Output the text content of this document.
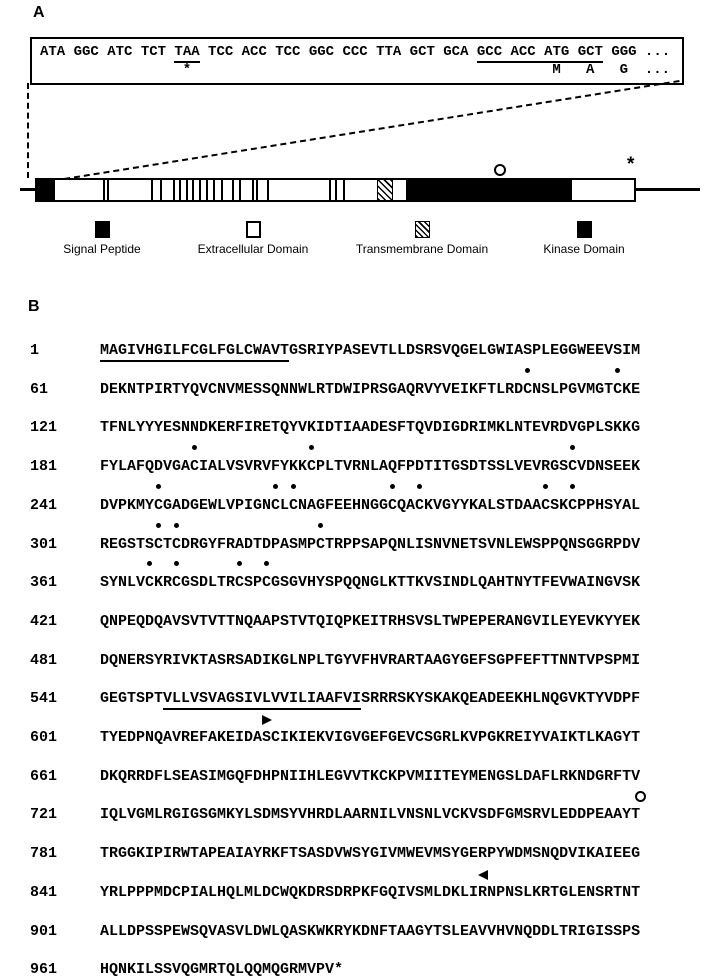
A
ATA GGC ATC TCT TAA TCC ACC TCC GGC CCC TTA GCT GCA GCC ACC ATG GCT GGG ...
*	M A G ...
*
Signal Peptide	Extracellular Domain	Transmembrane Domain	Kinase Domain
B
1	MAGIVHGILFCGLFGLCWAVTGSRIYPASEVTLLDSRSVQGELGWIASPLEGGWEEVSIM
61	DEKNTPIRTYQVCNVMESSQNNWLRTDWIPRSGAQRVYVEIKFTLRDCNSLPGVMGTCKE
121	TFNLYYYESNNDKERFIRETQYVKIDTIAADESFTQVDIGDRIMKLNTEVRDVGPLSKKG
181	FYLAFQDVGACIALVSVRVFYKKCPLTVRNLAQFPDTITGSDTSSLVEVRGSCVDNSEEK
241	DVPKMYCGADGEWLVPIGNCLCNAGFEEHNGGCQACKVGYYKALSTDAACSKCPPHSYAL
301	REGSTSCTCDRGYFRADTDPASMPCTRPPSAPQNLISNVNETSVNLEWSPPQNSGGRPDV
361	SYNLVCKRCGSDLTRCSPCGSGVHYSPQQNGLKTTKVSINDLQAHTNYTFEVWAINGVSK
421	QNPEQDQAVSVTVTTNQAAPSTVTQIQPKEITRHSVSLTWPEPERANGVILEYEVKYYEK
481	DQNERSYRIVKTASRSADIKGLNPLTGYVFHVRARTAAGYGEFSGPFEFTTNNTVPSPMI
541	GEGTSPTVLLVSVAGSIVLVVILIAAFVISRRRSKYSKAKQEADEEKHLNQGVKTYVDPF
601	TYEDPNQAVREFAKEIDASCIKIEKVIGVGEFGEVCSGRLKVPGKREIYVAIKTLKAGYT
661	DKQRRDFLSEASIMGQFDHPNIIHLEGVVTKCKPVMIITEYMENGSLDAFLRKNDGRFTV
721	IQLVGMLRGIGSGMKYLSDMSYVHRDLAARNILVNSNLVCKVSDFGMSRVLEDDPEAAYT
781	TRGGKIPIRWTAPEAIAYRKFTSASDVWSYGIVMWEVMSYGERPYWDMSNQDVIKAIEEG
841	YRLPPPMDCPIALHQLMLDCWQKDRSDRPKFGQIVSMLDKLIRNPNSLKRTGLENSRTNT
901	ALLDPSSPEWSQVASVLDWLQASKWKRYKDNFTAAGYTSLEAVVHVNQDDLTRIGISSPS
961	HQNKILSSVQGMRTQLQQMQGRMVPV*
